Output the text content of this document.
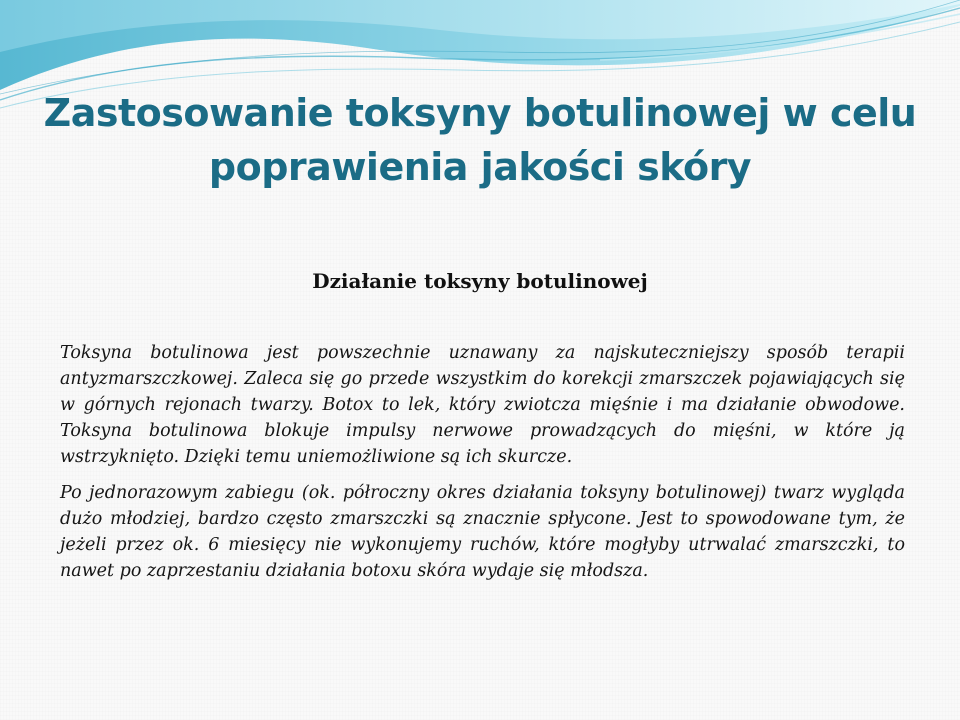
Zastosowanie toksyny botulinowej w celu poprawienia jakości skóry
Działanie toksyny botulinowej

Toksyna botulinowa jest powszechnie uznawany za najskuteczniejszy sposób terapii antyzmarszczkowej. Zaleca się go przede wszystkim do korekcji zmarszczek pojawiających się w górnych rejonach twarzy. Botox to lek, który zwiotcza mięśnie i ma działanie obwodowe. Toksyna botulinowa blokuje impulsy nerwowe prowadzących do mięśni, w które ją wstrzyknięto. Dzięki temu uniemożliwione są ich skurcze.

Po jednorazowym zabiegu (ok. półroczny okres działania toksyny botulinowej) twarz wygląda dużo młodziej, bardzo często zmarszczki są znacznie spłycone. Jest to spowodowane tym, że jeżeli przez ok. 6 miesięcy nie wykonujemy ruchów, które mogłyby utrwalać zmarszczki, to nawet po zaprzestaniu działania botoxu skóra wydaje się młodsza.
